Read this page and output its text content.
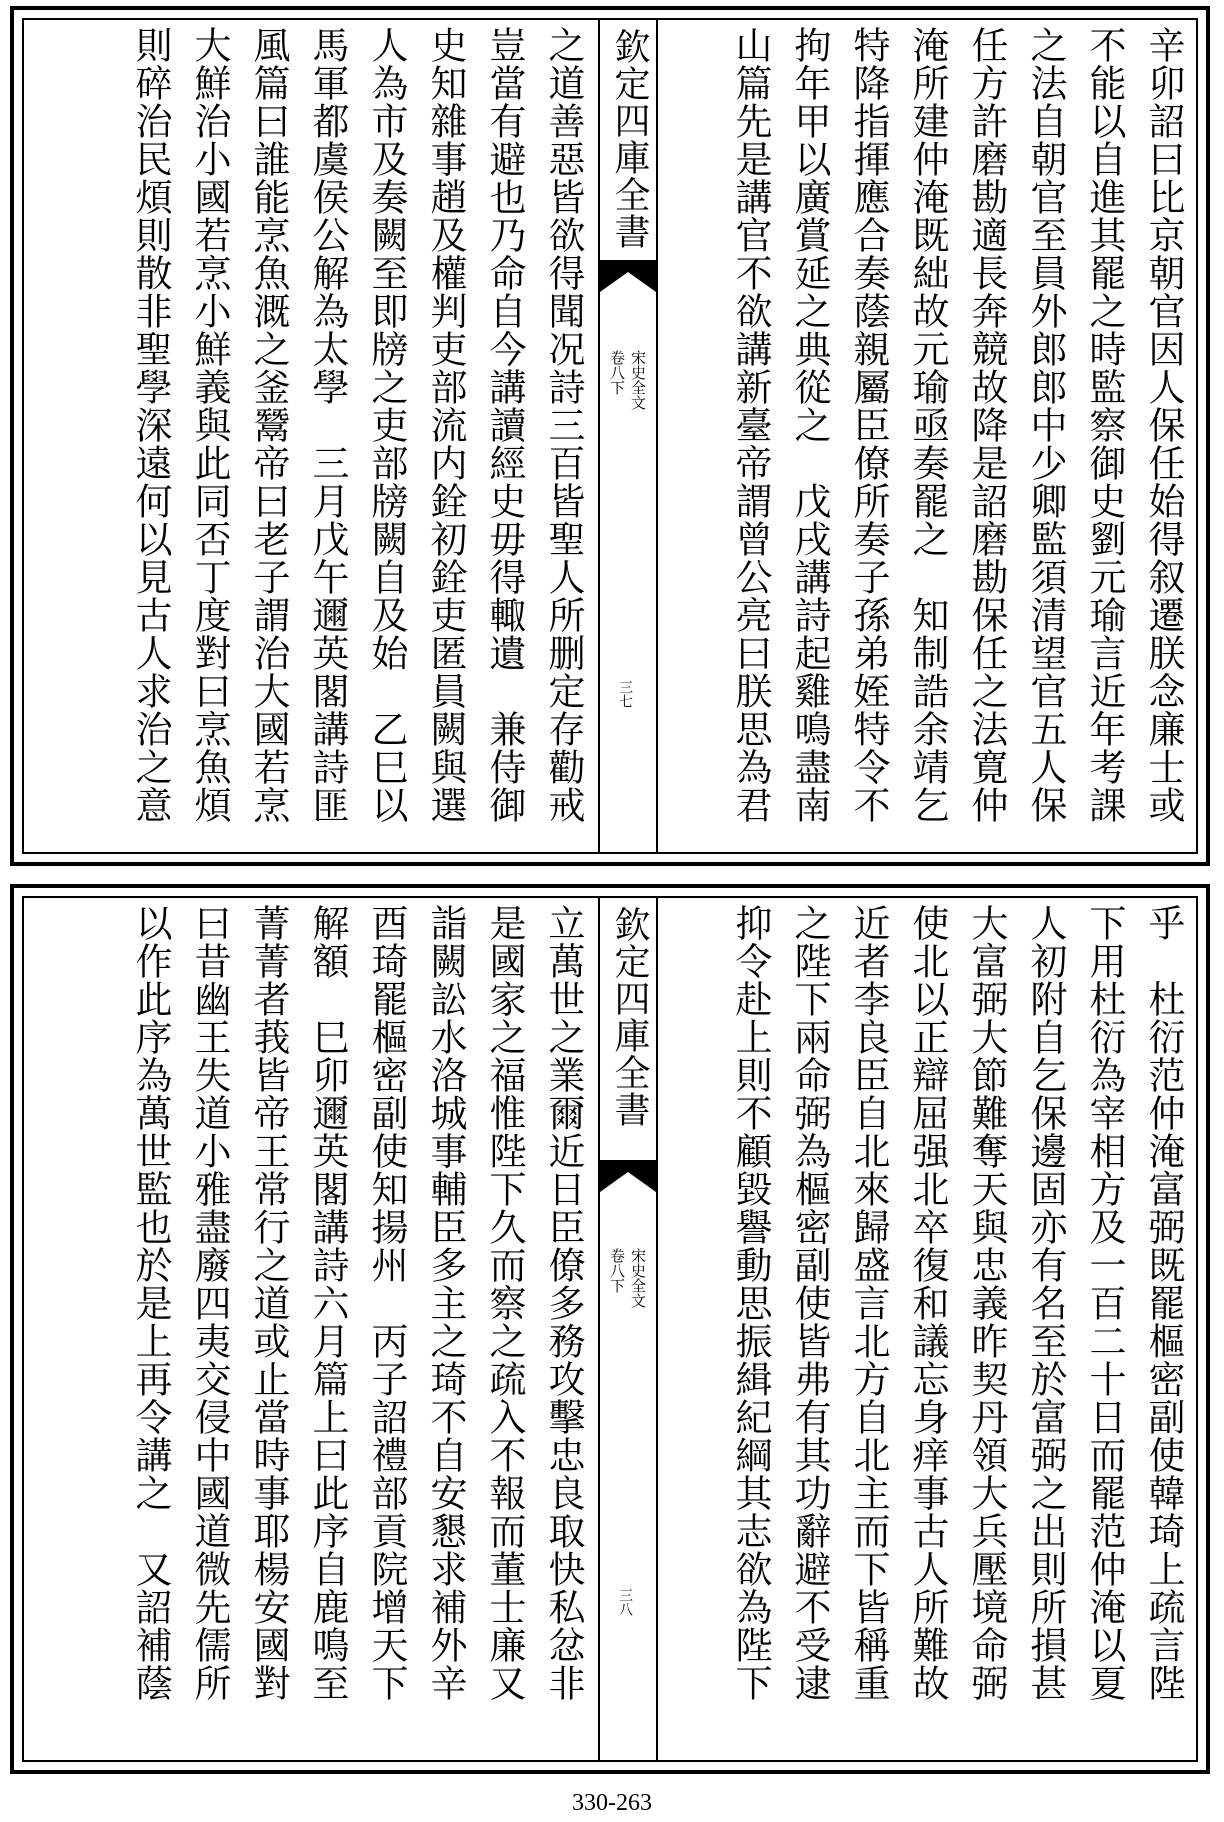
辛卯詔曰比京朝官因人保任始得叙遷朕念廉士或
不能以自進其罷之時監察御史劉元瑜言近年考課
之法自朝官至員外郎郎中少卿監須清望官五人保
任方許磨勘適長奔競故降是詔磨勘保任之法寛仲
淹所建仲淹既絀故元瑜亟奏罷之　知制誥余靖乞
特降指揮應合奏蔭親屬臣僚所奏子孫弟姪特令不
拘年甲以廣賞延之典從之　戊戌講詩起雞鳴盡南
山篇先是講官不欲講新臺帝謂曾公亮曰朕思為君
欽定四庫全書
宋史全文
卷八下
三七
之道善惡皆欲得聞况詩三百皆聖人所删定存勸戒
豈當有避也乃命自今講讀經史毋得輙遺　兼侍御
史知雜事趙及權判吏部流内銓初銓吏匿員闕與選
人為市及奏闕至即牓之吏部牓闕自及始　乙巳以
馬軍都虞侯公解為太學　三月戊午邇英閣講詩匪
風篇曰誰能烹魚溉之釜鬵帝曰老子謂治大國若烹
大鮮治小國若烹小鮮義與此同否丁度對曰烹魚煩
則碎治民煩則散非聖學深遠何以見古人求治之意
乎　杜衍范仲淹富弼既罷樞密副使韓琦上疏言陛
下用杜衍為宰相方及一百二十日而罷范仲淹以夏
人初附自乞保邊固亦有名至於富弼之出則所損甚
大富弼大節難奪天與忠義昨契丹領大兵壓境命弼
使北以正辯屈强北卒復和議忘身痒事古人所難故
近者李良臣自北來歸盛言北方自北主而下皆稱重
之陛下兩命弼為樞密副使皆弗有其功辭避不受逮
抑令赴上則不顧毀譽動思振緝紀綱其志欲為陛下
欽定四庫全書
宋史全文
卷八下
三八
立萬世之業爾近日臣僚多務攻擊忠良取快私忿非
是國家之福惟陛下久而察之疏入不報而董士廉又
詣闕訟水洛城事輔臣多主之琦不自安懇求補外辛
酉琦罷樞密副使知揚州　丙子詔禮部貢院增天下
解額　巳卯邇英閣講詩六月篇上曰此序自鹿鳴至
菁菁者莪皆帝王常行之道或止當時事耶楊安國對
曰昔幽王失道小雅盡廢四夷交侵中國道微先儒所
以作此序為萬世監也於是上再令講之　又詔補蔭
330-263
